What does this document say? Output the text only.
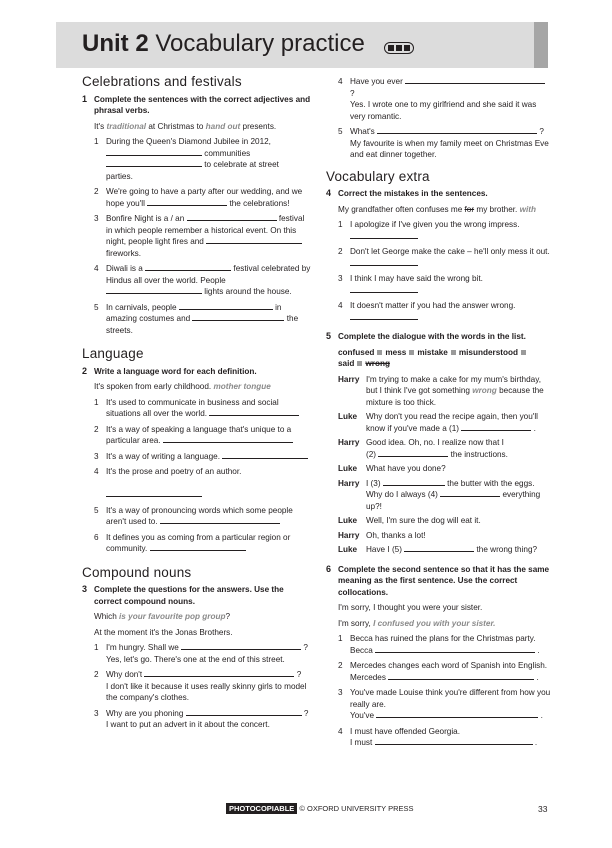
Unit 2 Vocabulary practice
Celebrations and festivals
1 Complete the sentences with the correct adjectives and phrasal verbs.
It's traditional at Christmas to hand out presents.
1 During the Queen's Diamond Jubilee in 2012,
communities
to celebrate at street
parties.
2 We're going to have a party after our wedding, and we hope you'll	the celebrations!
3 Bonfire Night is a / an	festival in which people remember a historical event. On this night, people light fires and  fireworks.
4 Diwali is a	festival celebrated by Hindus all over the world. People  lights around the house.
5 In carnivals, people	in amazing costumes and	the streets.
Language
2 Write a language word for each definition.
It's spoken from early childhood. mother tongue
1 It's used to communicate in business and social situations all over the world.
2 It's a way of speaking a language that's unique to a particular area.
3 It's a way of writing a language.
4 It's the prose and poetry of an author.

5 It's a way of pronouncing words which some people aren't used to.
6 It defines you as coming from a particular region or community.
Compound nouns
3 Complete the questions for the answers. Use the correct compound nouns.
Which is your favourite pop group?
At the moment it's the Jonas Brothers.
1 I'm hungry. Shall we	?
Yes, let's go. There's one at the end of this street.
2 Why don't	?
I don't like it because it uses really skinny girls to model the company's clothes.
3 Why are you phoning	?
I want to put an advert in it about the concert.
4 Have you ever  ?
Yes. I wrote one to my girlfriend and she said it was very romantic.
5 What's	?
My favourite is when my family meet on Christmas Eve and eat dinner together.
Vocabulary extra
4 Correct the mistakes in the sentences.
My grandfather often confuses me for my brother. with
1 I apologize if I've given you the wrong impress.

2 Don't let George make the cake – he'll only mess it out.

3 I think I may have said the wrong bit.

4 It doesn't matter if you had the answer wrong.

5 Complete the dialogue with the words in the list.
confused mess mistake misunderstood
said wrong
Harry I'm trying to make a cake for my mum's birthday, but I think I've got something wrong because the mixture is too thick.
Luke	Why don't you read the recipe again, then you'll know if you've made a (1)	.
Harry Good idea. Oh, no. I realize now that I
(2)	the instructions.
Luke	What have you done?
Harry I (3)	the butter with the eggs.
Why do I always (4)	everything up?!
Luke	Well, I'm sure the dog will eat it.
Harry Oh, thanks a lot!
Luke	Have I (5)	the wrong thing?
6 Complete the second sentence so that it has the same meaning as the first sentence. Use the correct collocations.
I'm sorry, I thought you were your sister.
I'm sorry, I confused you with your sister.
1 Becca has ruined the plans for the Christmas party.
Becca	.
2 Mercedes changes each word of Spanish into English.
Mercedes	.
3 You've made Louise think you're different from how you really are.
You've	.
4 I must have offended Georgia.
I must	.
PHOTOCOPIABLE © OXFORD UNIVERSITY PRESS	33
